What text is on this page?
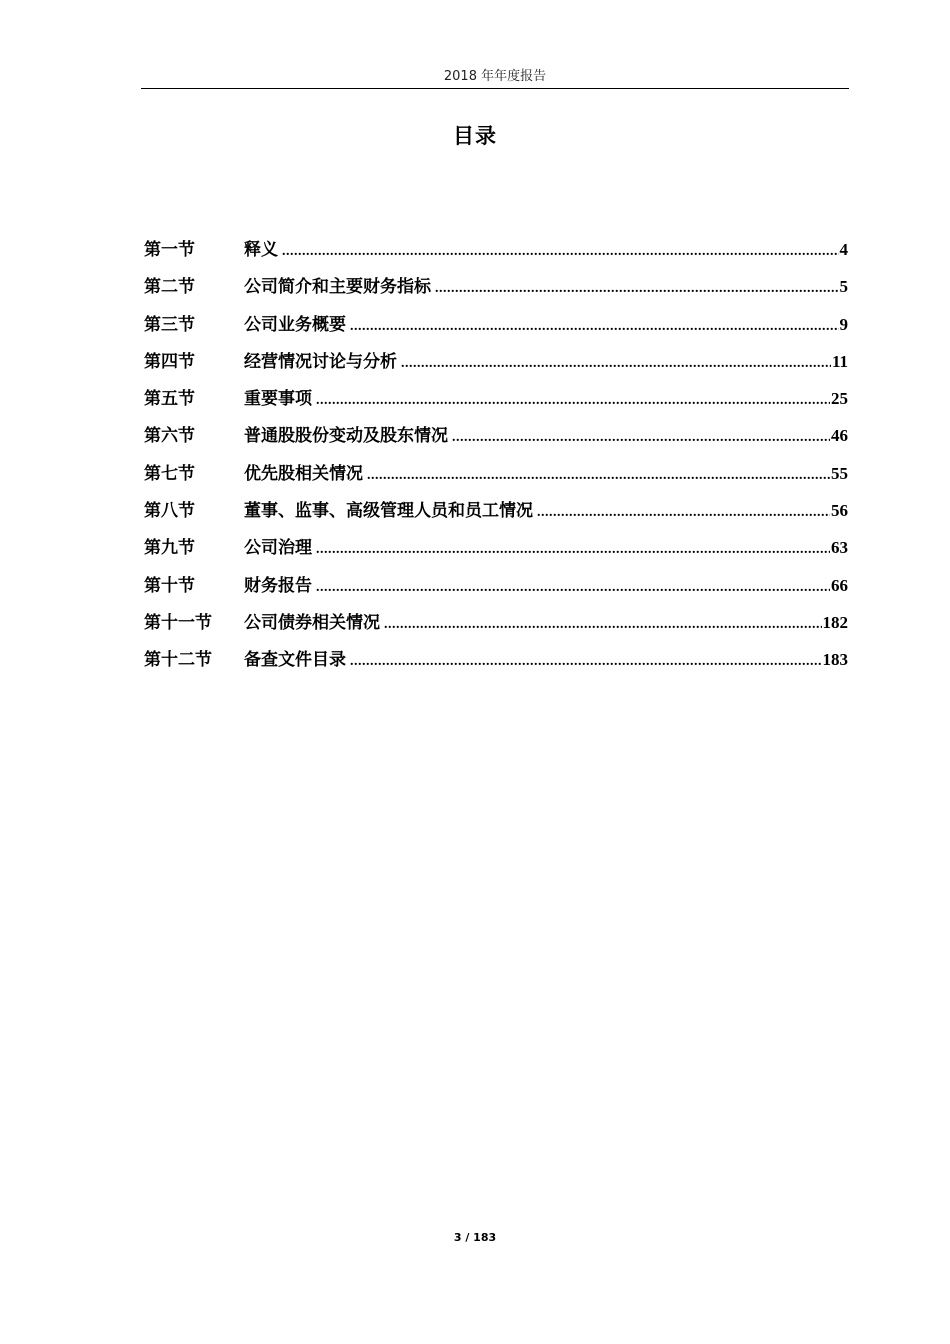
2018 年年度报告
目录
第一节	释义 .....	4
第二节	公司简介和主要财务指标 .....	5
第三节	公司业务概要 .....	9
第四节	经营情况讨论与分析 .....	11
第五节	重要事项 .....	25
第六节	普通股股份变动及股东情况 .....	46
第七节	优先股相关情况 .....	55
第八节	董事、监事、高级管理人员和员工情况 .....	56
第九节	公司治理 .....	63
第十节	财务报告 .....	66
第十一节	公司债券相关情况 .....	182
第十二节	备查文件目录 .....	183
3 / 183
